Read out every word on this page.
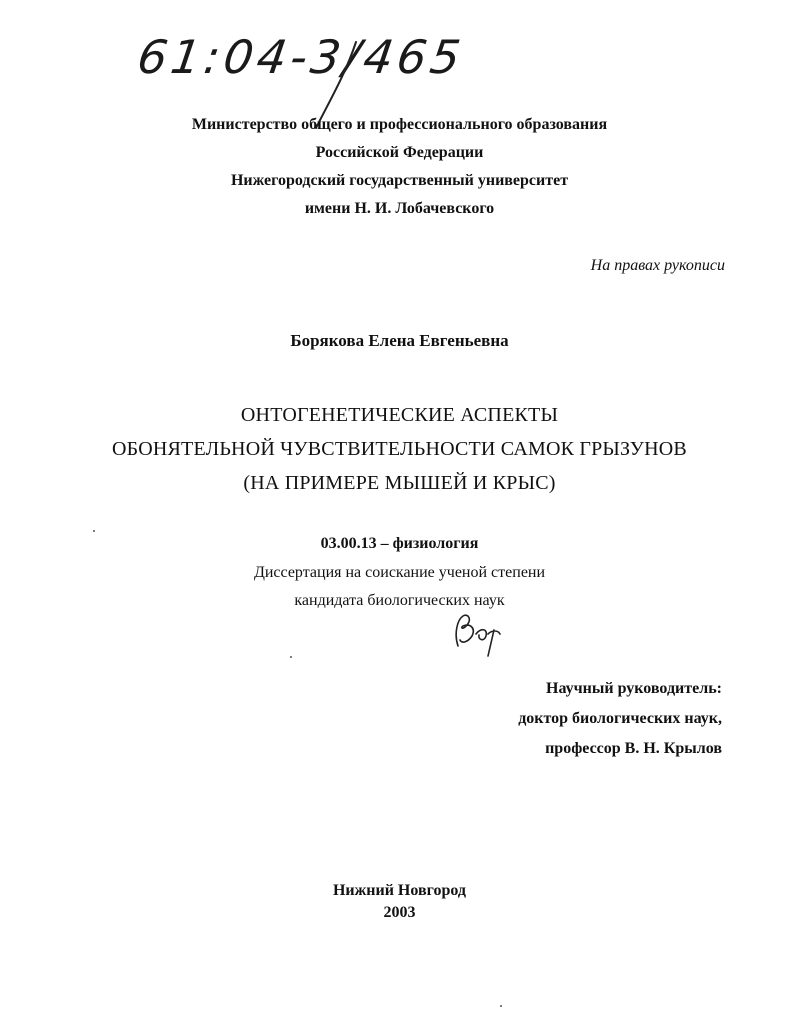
61:04-3/465
Министерство общего и профессионального образования
Российской Федерации
Нижегородский государственный университет
имени Н. И. Лобачевского
На правах рукописи
Борякова Елена Евгеньевна
ОНТОГЕНЕТИЧЕСКИЕ АСПЕКТЫ
ОБОНЯТЕЛЬНОЙ ЧУВСТВИТЕЛЬНОСТИ САМОК ГРЫЗУНОВ
(НА ПРИМЕРЕ МЫШЕЙ И КРЫС)
03.00.13 – физиология
Диссертация на соискание ученой степени
кандидата биологических наук
Научный руководитель:
доктор биологических наук,
профессор В. Н. Крылов
Нижний Новгород
2003
